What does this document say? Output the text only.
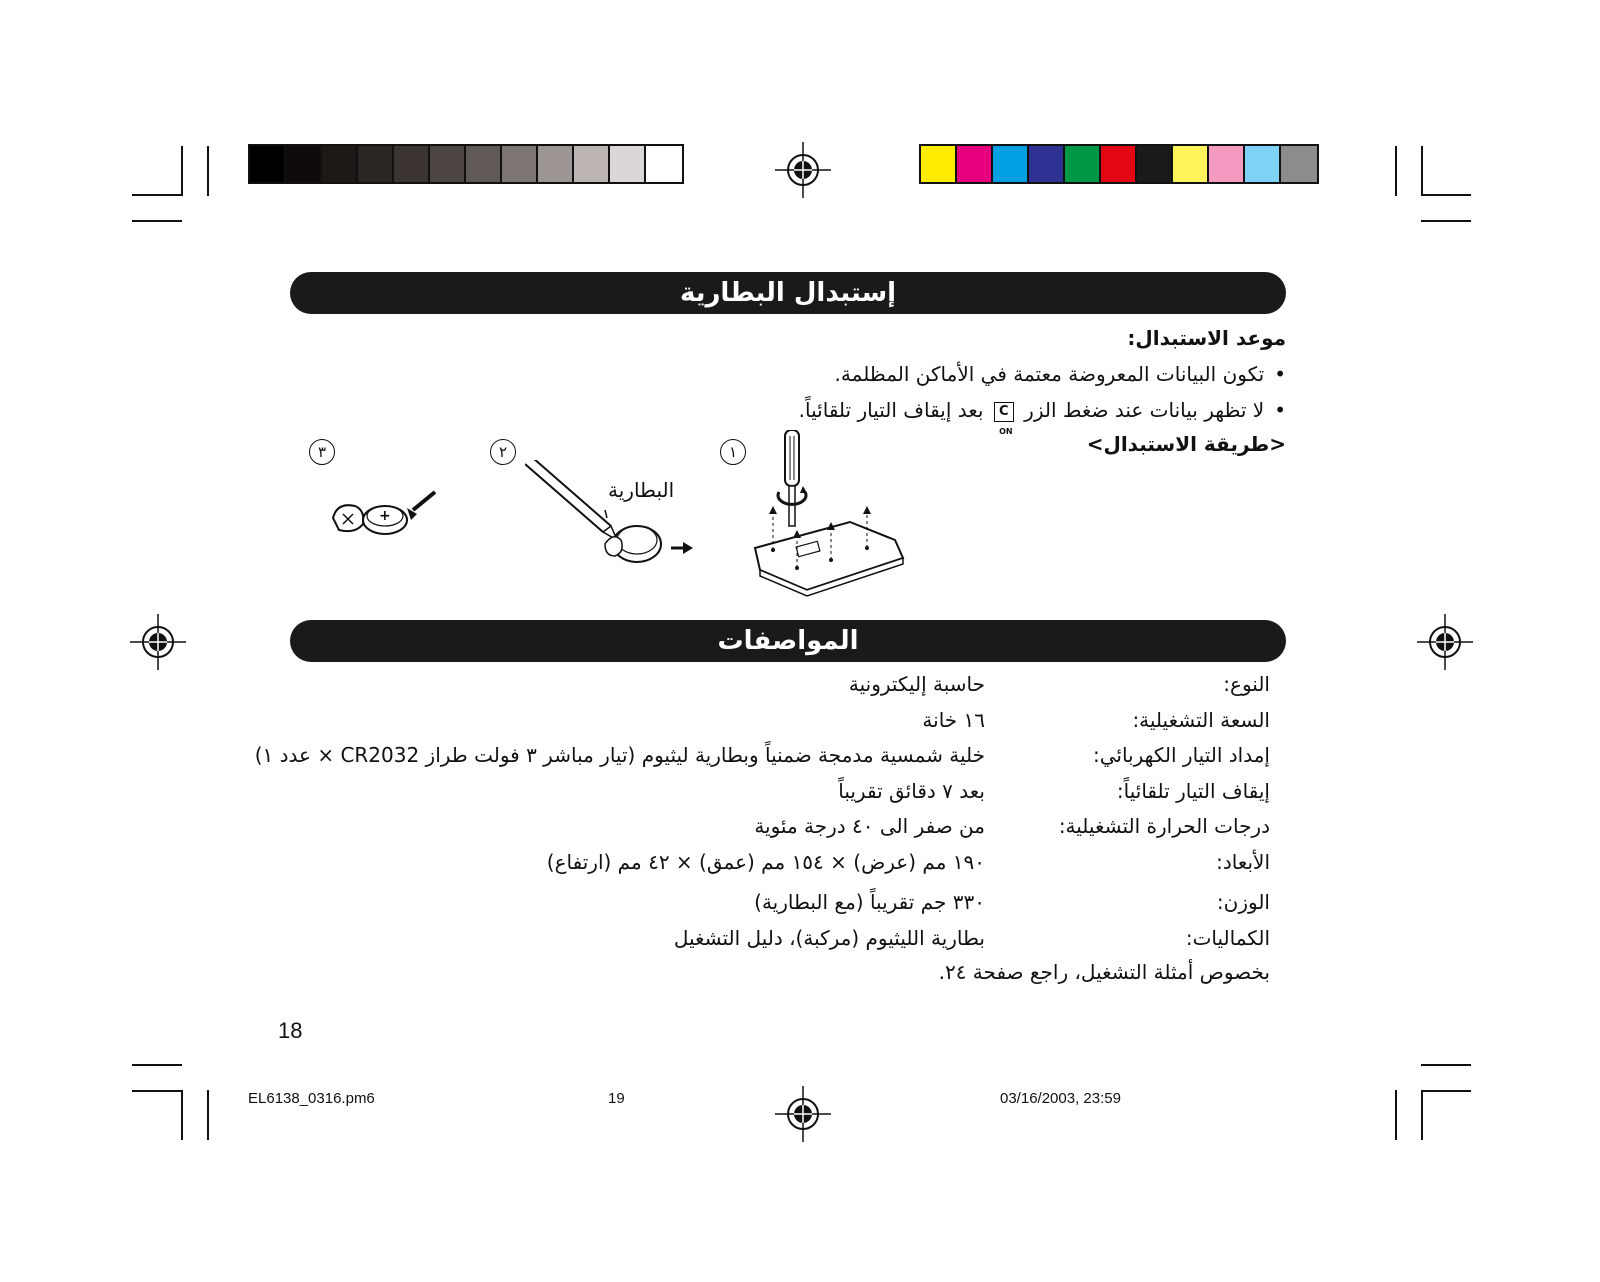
إستبدال البطارية
موعد الاستبدال:
•تكون البيانات المعروضة معتمة في الأماكن المظلمة.
•لا تظهر بيانات عند ضغط الزر C
ON
بعد إيقاف التيار تلقائياً.
<طريقة الاستبدال>
١
٢
٣
البطارية
+
المواصفات
النوع:
حاسبة إليكترونية
السعة التشغيلية:
١٦ خانة
إمداد التيار الكهربائي:
خلية شمسية مدمجة ضمنياً وبطارية ليثيوم (تيار مباشر ٣ فولت طراز CR2032 × عدد ١)
إيقاف التيار تلقائياً:
بعد ٧ دقائق تقريباً
درجات الحرارة التشغيلية:
من صفر الى ٤٠ درجة مئوية
الأبعاد:
١٩٠ مم (عرض) × ١٥٤ مم (عمق) × ٤٢ مم (ارتفاع)
الوزن:
٣٣٠ جم تقريباً (مع البطارية)
الكماليات:
بطارية الليثيوم (مركبة)، دليل التشغيل
بخصوص أمثلة التشغيل، راجع صفحة ٢٤.
18
EL6138_0316.pm6	19	03/16/2003, 23:59
